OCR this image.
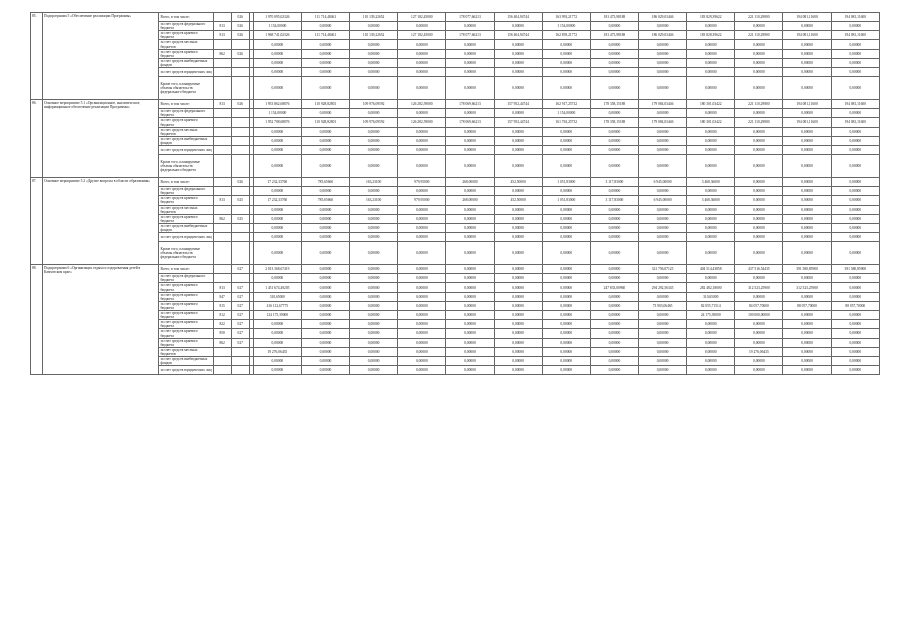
85.	Подпрограмма 5 «Обеспечение реализации Программы»	Всего, в том числе:		026		1 970 095,02326	111 714,48461	110 139,22652	127 182,45000	178 077,66213	156 404,94744	163 993,21772	181 473,98188	186 029,03446	183 829,39622	221 110,29800	194 081,11600	194 081,11600
		за счет средств федерального бюджета	813	026		1 154,00000	0,00000	0,00000	0,00000	0,00000	0,00000	1 154,00000	0,00000	0,00000	0,00000	0,00000	0,00000	0,00000
		за счет средств краевого бюджета	813	026		1 968 741,02326	111 714,48461	110 139,22652	127 182,45000	178 077,66213	156 404,94744	162 839,21772	181 473,98188	186 029,03446	183 828,39622	221 110,29800	194 081,11600	194 081,11600
		за счет средств местных бюджетов				0,00000	0,00000	0,00000	0,00000	0,00000	0,00000	0,00000	0,00000	0,00000	0,00000	0,00000	0,00000	0,00000
		за счет средств краевого бюджета	862	026		0,00000	0,00000	0,00000	0,00000	0,00000	0,00000	0,00000	0,00000	0,00000	0,00000	0,00000	0,00000	0,00000
		за счет средств внебюджетных фондов				0,00000	0,00000	0,00000	0,00000	0,00000	0,00000	0,00000	0,00000	0,00000	0,00000	0,00000	0,00000	0,00000
		за счет средств юридических лиц				0,00000	0,00000	0,00000	0,00000	0,00000	0,00000	0,00000	0,00000	0,00000	0,00000	0,00000	0,00000	0,00000
		Кроме того, планируемые объемы обязательств федерального бюджета				0,00000	0,00000	0,00000	0,00000	0,00000	0,00000	0,00000	0,00000	0,00000	0,00000	0,00000	0,00000	0,00000
86.	Основное мероприятие 5.1 «Организационное, аналитическое, информационное обеспечение реализации Программы»	Всего, в том числе:	813	026		1 953 862,68876	110 928,82801	109 976,09592	126 282,59000	178 069,66213	157 952,44744	162 917,25732	178 358,15188	179 084,03446	180 301,03422	221 110,29800	194 081,11600	194 081,11600
		за счет средств федерального бюджета				1 154,00000	0,00000	0,00000	0,00000	0,00000	0,00000	1 154,00000	0,00000	0,00000	0,00000	0,00000	0,00000	0,00000
		за счет средств краевого бюджета				1 952 708,68876	110 928,82801	109 976,09592	126 282,59000	178 069,66213	157 952,44744	161 763,25732	178 358,15188	179 084,03446	180 301,03422	221 110,29800	194 081,11600	194 081,11600
		за счет средств местных бюджетов				0,00000	0,00000	0,00000	0,00000	0,00000	0,00000	0,00000	0,00000	0,00000	0,00000	0,00000	0,00000	0,00000
		за счет средств внебюджетных фондов				0,00000	0,00000	0,00000	0,00000	0,00000	0,00000	0,00000	0,00000	0,00000	0,00000	0,00000	0,00000	0,00000
		за счет средств юридических лиц				0,00000	0,00000	0,00000	0,00000	0,00000	0,00000	0,00000	0,00000	0,00000	0,00000	0,00000	0,00000	0,00000
		Кроме того, планируемые объемы обязательств федерального бюджета				0,00000	0,00000	0,00000	0,00000	0,00000	0,00000	0,00000	0,00000	0,00000	0,00000	0,00000	0,00000	0,00000
87.	Основное мероприятие 5.2 «Другие вопросы в области образования»	Всего, в том числе:		026		17 232,33760	785,65660	163,23100	979,95000	268,00000	452,50000	1 051,83000	3 117,83000	6 945,00000	3 468,36000	0,00000	0,00000	0,00000
		за счет средств федерального бюджета				0,00000	0,00000	0,00000	0,00000	0,00000	0,00000	0,00000	0,00000	0,00000	0,00000	0,00000	0,00000	0,00000
		за счет средств краевого бюджета	813	025		17 232,33760	785,65660	163,23100	979,95000	268,00000	452,50000	1 051,83000	3 117,83000	6 945,00000	3 468,36000	0,00000	0,00000	0,00000
		за счет средств местных бюджетов				0,00000	0,00000	0,00000	0,00000	0,00000	0,00000	0,00000	0,00000	0,00000	0,00000	0,00000	0,00000	0,00000
		за счет средств краевого бюджета	862	025		0,00000	0,00000	0,00000	0,00000	0,00000	0,00000	0,00000	0,00000	0,00000	0,00000	0,00000	0,00000	0,00000
		за счет средств внебюджетных фондов				0,00000	0,00000	0,00000	0,00000	0,00000	0,00000	0,00000	0,00000	0,00000	0,00000	0,00000	0,00000	0,00000
		за счет средств юридических лиц				0,00000	0,00000	0,00000	0,00000	0,00000	0,00000	0,00000	0,00000	0,00000	0,00000	0,00000	0,00000	0,00000
		Кроме того, планируемые объемы обязательств федерального бюджета				0,00000	0,00000	0,00000	0,00000	0,00000	0,00000	0,00000	0,00000	0,00000	0,00000	0,00000	0,00000	0,00000
88.	Подпрограмма 6 «Организация отдыха и оздоровления детей в Камчатском крае»	Всего, в том числе:		027		2 013 368,67419	0,00000	0,00000	0,00000	0,00000	0,00000	0,00000	0,00000	321 756,07125	404 514,43858	437 516,54435	391 580,85900	391 580,85900
		за счет средств федерального бюджета				0,00000	0,00000	0,00000	0,00000	0,00000	0,00000	0,00000	0,00000	0,00000	0,00000	0,00000	0,00000	0,00000
		за счет средств краевого бюджета	813	027		1 451 674,49205	0,00000	0,00000	0,00000	0,00000	0,00000	0,00000	247 833,00960	294 292,56345	282 482,18000	312 523,25900	312 523,25900	0,00000
		за счет средств краевого бюджета	847	027		310,65000	0,00000	0,00000	0,00000	0,00000	0,00000	0,00000	0,00000	0,00000	310,65000	0,00000	0,00000	0,00000
		за счет средств краевого бюджета	815	027		416 112,67775	0,00000	0,00000	0,00000	0,00000	0,00000	0,00000	0,00000	73 903,06465	82 055,71514	84 057,70000	88 057,70000	88 057,70000
		за счет средств краевого бюджета	812	027		124 175,39000	0,00000	0,00000	0,00000	0,00000	0,00000	0,00000	0,00000	0,00000	24 175,39000	100 000,00000	0,00000	0,00000
		за счет средств краевого бюджета	822	027		0,00000	0,00000	0,00000	0,00000	0,00000	0,00000	0,00000	0,00000	0,00000	0,00000	0,00000	0,00000	0,00000
		за счет средств краевого бюджета	850	027		0,00000	0,00000	0,00000	0,00000	0,00000	0,00000	0,00000	0,00000	0,00000	0,00000	0,00000	0,00000	0,00000
		за счет средств краевого бюджета	862	027		0,00000	0,00000	0,00000	0,00000	0,00000	0,00000	0,00000	0,00000	0,00000	0,00000	0,00000	0,00000	0,00000
		за счет средств местных бюджетов				19 276,06435	0,00000	0,00000	0,00000	0,00000	0,00000	0,00000	0,00000	0,00000	0,00000	19 276,06435	0,00000	0,00000
		за счет средств внебюджетных фондов				0,00000	0,00000	0,00000	0,00000	0,00000	0,00000	0,00000	0,00000	0,00000	0,00000	0,00000	0,00000	0,00000
		за счет средств юридических лиц				0,00000	0,00000	0,00000	0,00000	0,00000	0,00000	0,00000	0,00000	0,00000	0,00000	0,00000	0,00000	0,00000
